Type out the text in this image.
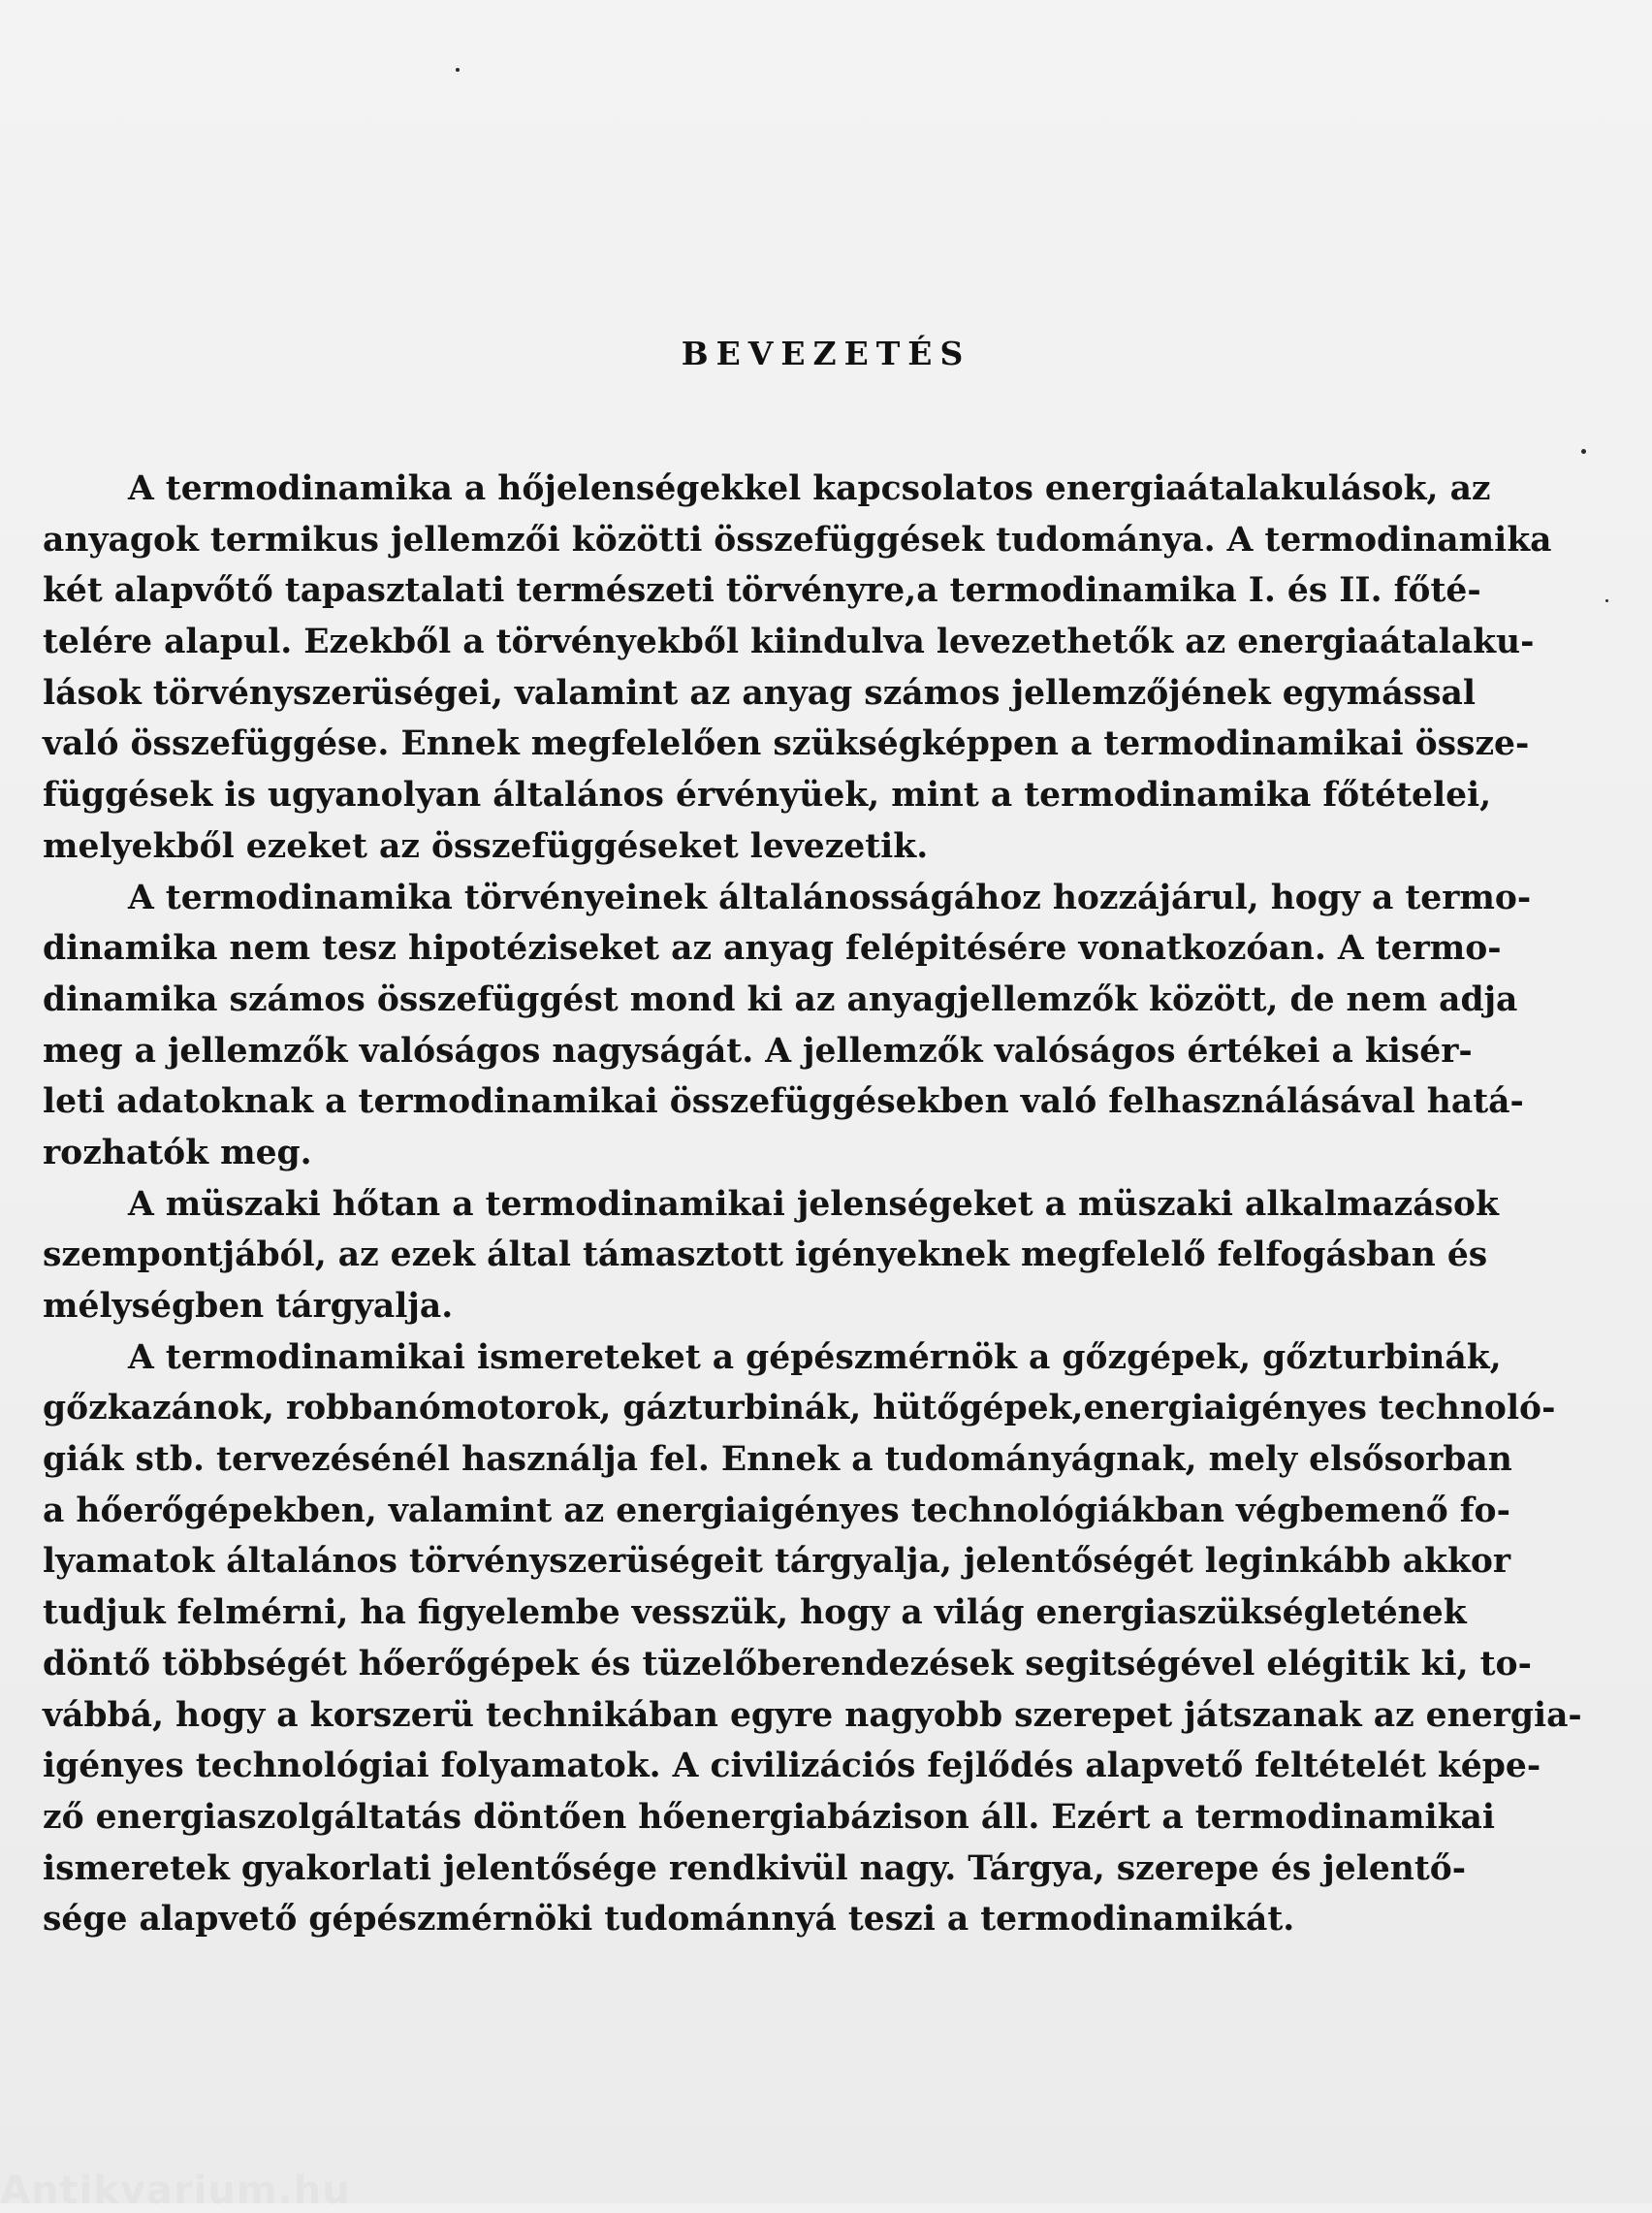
BEVEZETÉS
A termodinamika a hőjelenségekkel kapcsolatos energiaátalakulások, az
anyagok termikus jellemzői közötti összefüggések tudománya. A termodinamika
két alapvőtő tapasztalati természeti törvényre,a termodinamika I. és II. főté-
telére alapul. Ezekből a törvényekből kiindulva levezethetők az energiaátalaku-
lások törvényszerüségei, valamint az anyag számos jellemzőjének egymással
való összefüggése. Ennek megfelelően szükségképpen a termodinamikai össze-
függések is ugyanolyan általános érvényüek, mint a termodinamika főtételei,
melyekből ezeket az összefüggéseket levezetik.
A termodinamika törvényeinek általánosságához hozzájárul, hogy a termo-
dinamika nem tesz hipotéziseket az anyag felépitésére vonatkozóan. A termo-
dinamika számos összefüggést mond ki az anyagjellemzők között, de nem adja
meg a jellemzők valóságos nagyságát. A jellemzők valóságos értékei a kisér-
leti adatoknak a termodinamikai összefüggésekben való felhasználásával hatá-
rozhatók meg.
A müszaki hőtan a termodinamikai jelenségeket a müszaki alkalmazások
szempontjából, az ezek által támasztott igényeknek megfelelő felfogásban és
mélységben tárgyalja.
A termodinamikai ismereteket a gépészmérnök a gőzgépek, gőzturbinák,
gőzkazánok, robbanómotorok, gázturbinák, hütőgépek,energiaigényes technoló-
giák stb. tervezésénél használja fel. Ennek a tudományágnak, mely elsősorban
a hőerőgépekben, valamint az energiaigényes technológiákban végbemenő fo-
lyamatok általános törvényszerüségeit tárgyalja, jelentőségét leginkább akkor
tudjuk felmérni, ha figyelembe vesszük, hogy a világ energiaszükségletének
döntő többségét hőerőgépek és tüzelőberendezések segitségével elégitik ki, to-
vábbá, hogy a korszerü technikában egyre nagyobb szerepet játszanak az energia-
igényes technológiai folyamatok. A civilizációs fejlődés alapvető feltételét képe-
ző energiaszolgáltatás döntően hőenergiabázison áll. Ezért a termodinamikai
ismeretek gyakorlati jelentősége rendkivül nagy. Tárgya, szerepe és jelentő-
sége alapvető gépészmérnöki tudománnyá teszi a termodinamikát.
Antikvarium.hu
